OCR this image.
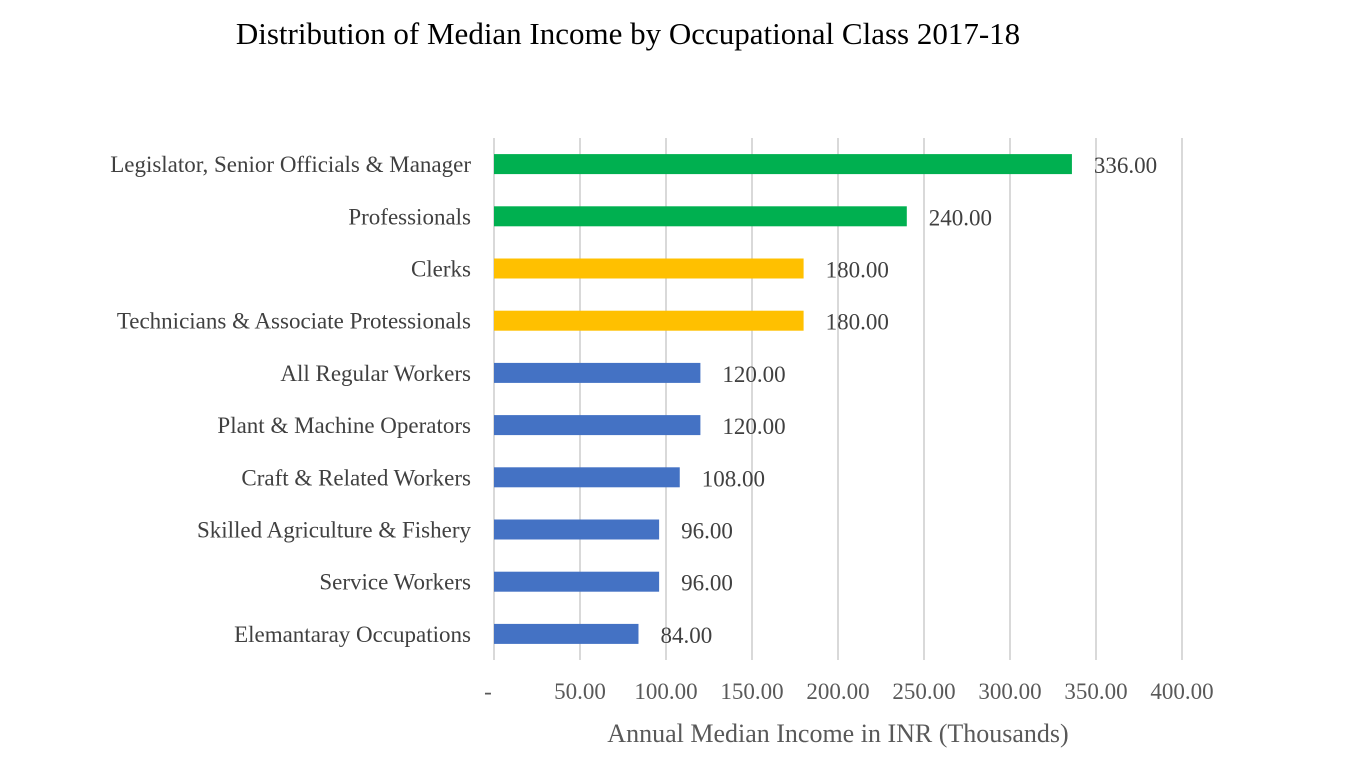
Distribution of Median Income by Occupational Class 2017-18
Legislator, Senior Officials & Manager
Professionals
Clerks
Technicians & Associate Protessionals
All Regular Workers
Plant & Machine Operators
Craft & Related Workers
Skilled Agriculture & Fishery
Service Workers
Elemantaray Occupations
336.00
240.00
180.00
180.00
120.00
120.00
108.00
96.00
96.00
84.00
-	50.00 100.00 150.00 200.00 250.00 300.00 350.00 400.00
Annual Median Income in INR (Thousands)
